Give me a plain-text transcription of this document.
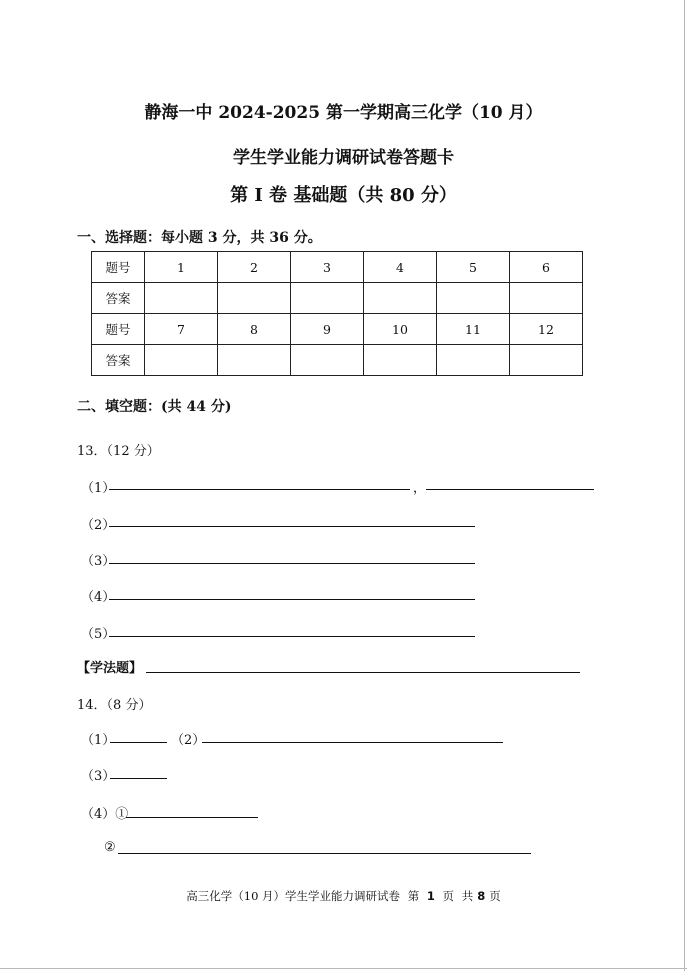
静海一中 2024-2025 第一学期高三化学（10 月）
学生学业能力调研试卷答题卡
第 Ⅰ 卷 基础题（共 80 分）
一、选择题：每小题 3 分，共 36 分。
题号	1	2	3	4	5	6
答案						
题号	7	8	9	10	11	12
答案						
二、填空题：(共 44 分)
13．（12 分）
（1）	，
（2）
（3）
（4）
（5）
【学法题】
14．（8 分）
（1）	（2）
（3）
（4）①
②
高三化学（10 月）学生学业能力调研试卷 第 1 页 共 8 页
